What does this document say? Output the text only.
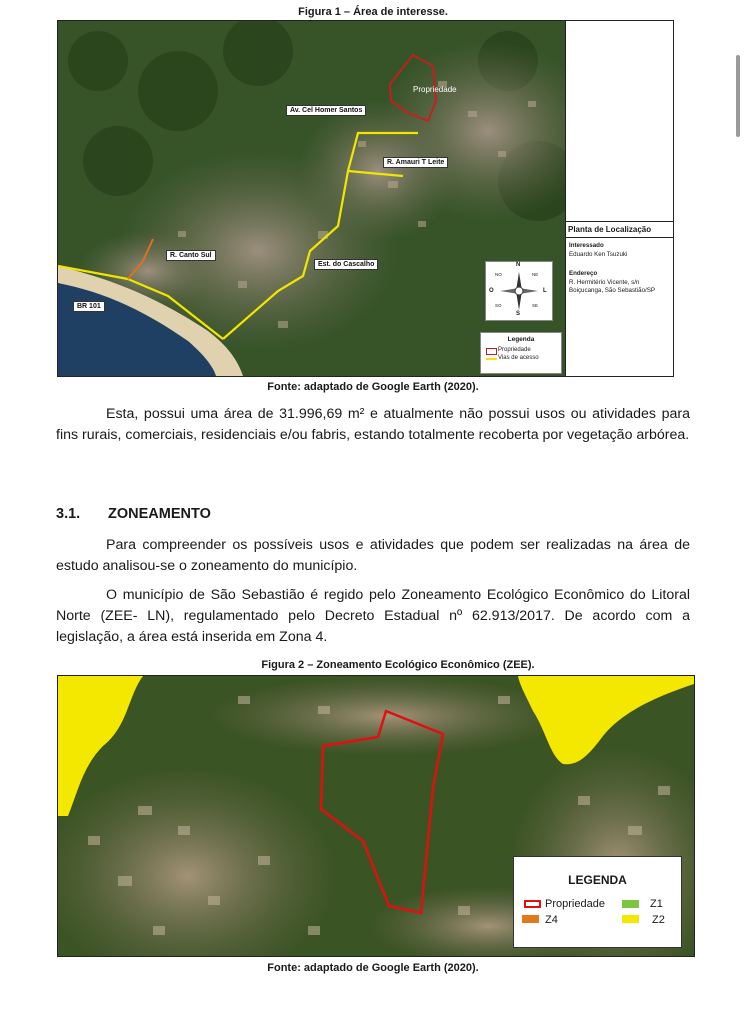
Figura 1 – Área de interesse.
Propriedade
Av. Cel Homer Santos
R. Amauri T Leite
R. Canto Sul
Est. do Cascalho
BR 101
N
S
O	L
NO	NE
SO	SE
Legenda
Propriedade
Vias de acesso
Planta de Localização
Interessado
Eduardo Ken Tsuzuki
Endereço
R. Hermitério Vicente, s/n
Boiçucanga, São Sebastião/SP
Fonte: adaptado de Google Earth (2020).
Esta, possui uma área de 31.996,69 m² e atualmente não possui usos ou atividades para fins rurais, comerciais, residenciais e/ou fabris, estando totalmente recoberta por vegetação arbórea.
3.1. ZONEAMENTO
Para compreender os possíveis usos e atividades que podem ser realizadas na área de estudo analisou-se o zoneamento do município.
O município de São Sebastião é regido pelo Zoneamento Ecológico Econômico do Litoral Norte (ZEE- LN), regulamentado pelo Decreto Estadual nº 62.913/2017. De acordo com a legislação, a área está inserida em Zona 4.
Figura 2 – Zoneamento Ecológico Econômico (ZEE).
LEGENDA
Propriedade	Z1
Z4	Z2
Fonte: adaptado de Google Earth (2020).
